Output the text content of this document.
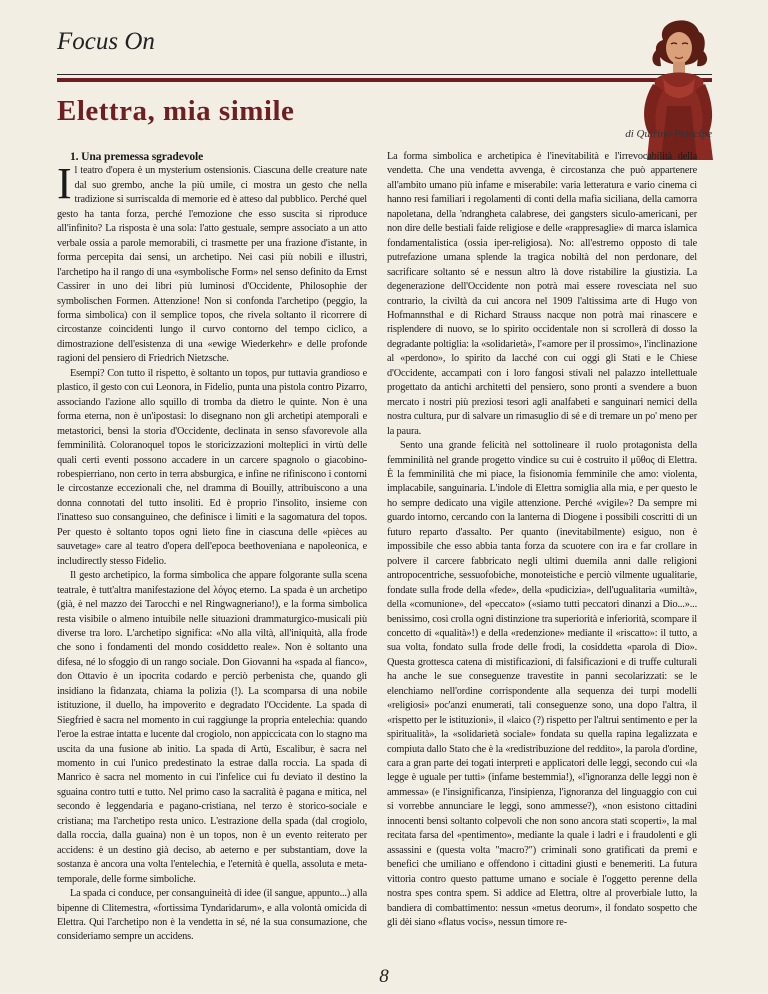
Focus On
Elettra, mia simile
di Quirino Principe

1. Una premessa sgradevole

Il teatro d'opera è un mysterium ostensionis. Ciascuna delle creature nate dal suo grembo, anche la più umile, ci mostra un gesto che nella tradizione si surriscalda di memorie ed è atteso dal pubblico. Perché quel gesto ha tanta forza, perché l'emozione che esso suscita si riproduce all'infinito? La risposta è una sola: l'atto gestuale, sempre associato a un atto verbale ossia a parole memorabili, ci trasmette per una frazione d'istante, in forma percepita dai sensi, un archetipo. Nei casi più nobili e illustri, l'archetipo ha il rango di una «symbolische Form» nel senso definito da Ernst Cassirer in uno dei libri più luminosi d'Occidente, Philosophie der symbolischen Formen. Attenzione! Non si confonda l'archetipo (peggio, la forma simbolica) con il semplice topos, che rivela soltanto il ricorrere di circostanze coincidenti lungo il curvo contorno del tempo ciclico, a dimostrazione dell'esistenza di una «ewige Wiederkehr» e delle profonde ragioni del pensiero di Friedrich Nietzsche.

Esempi? Con tutto il rispetto, è soltanto un topos, pur tuttavia grandioso e plastico, il gesto con cui Leonora, in Fidelio, punta una pistola contro Pizarro, associando l'azione allo squillo di tromba da dietro le quinte. Non è una forma eterna, non è un'ipostasi: lo disegnano non gli archetipi atemporali e metastorici, bensì la storia d'Occidente, declinata in senso sfavorevole alla femminilità. Coloranoquel topos le storicizzazioni molteplici in virtù delle quali certi eventi possono accadere in un carcere spagnolo o giacobino-robespierriano, non certo in terra absburgica, e infine ne rifiniscono i contorni le circostanze eccezionali che, nel dramma di Bouilly, attribuiscono a una donna connotati del tutto insoliti. Ed è proprio l'insolito, insieme con l'inatteso suo consanguineo, che definisce i limiti e la sagomatura del topos. Per questo è soltanto topos ogni lieto fine in ciascuna delle «pièces au sauvetage» care al teatro d'opera dell'epoca beethoveniana e napoleonica, e includirectly stesso Fidelio.

Il gesto archetipico, la forma simbolica che appare folgorante sulla scena teatrale, è tutt'altra manifestazione del λόγος eterno. La spada è un archetipo (già, è nel mazzo dei Tarocchi e nel Ringwagneriano!), e la forma simbolica resta visibile o almeno intuibile nelle situazioni drammaturgico-musicali più diverse tra loro. L'archetipo significa: «No alla viltà, all'iniquità, alla frode che sono i fondamenti del mondo cosiddetto reale». Non è soltanto una difesa, né lo sfoggio di un rango sociale. Don Giovanni ha «spada al fianco», don Ottavio è un ipocrita codardo e perciò perbenista che, quando gli insidiano la fidanzata, chiama la polizia (!). La scomparsa di una nobile istituzione, il duello, ha impoverito e degradato l'Occidente. La spada di Siegfried è sacra nel momento in cui raggiunge la propria entelechia: quando l'eroe la estrae intatta e lucente dal crogiolo, non appiccicata con lo stagno ma uscita da una fusione ab initio. La spada di Artù, Escalibur, è sacra nel momento in cui l'unico predestinato la estrae dalla roccia. La spada di Manrico è sacra nel momento in cui l'infelice cui fu deviato il destino la sguaina contro tutti e tutto. Nel primo caso la sacralità è pagana e mitica, nel secondo è leggendaria e pagano-cristiana, nel terzo è storico-sociale e cristiana; ma l'archetipo resta unico. L'estrazione della spada (dal crogiolo, dalla roccia, dalla guaina) non è un topos, non è un evento reiterato per accidens: è un destino già deciso, ab aeterno e per substantiam, dove la sostanza è ancora una volta l'entelechia, e l'eternità è quella, assoluta e meta-temporale, delle forme simboliche.

La spada ci conduce, per consanguineità di idee (il sangue, appunto...) alla bipenne di Clitemestra, «fortissima Tyndaridarum», e alla volontà omicida di Elettra. Qui l'archetipo non è la vendetta in sé, né la sua consumazione, che consideriamo sempre un accidens.

La forma simbolica e archetipica è l'inevitabilità e l'irrevocabilità della vendetta. Che una vendetta avvenga, è circostanza che può appartenere all'ambito umano più infame e miserabile: varia letteratura e vario cinema ci hanno resi familiari i regolamenti di conti della mafia siciliana, della camorra napoletana, della 'ndrangheta calabrese, dei gangsters siculo-americani, per non dire delle bestiali faide religiose e delle «rappresaglie» di marca islamica fondamentalistica (ossia iper-religiosa). No: all'estremo opposto di tale putrefazione umana splende la tragica nobiltà del non perdonare, del sacrificare soltanto sé e nessun altro là dove ristabilire la giustizia. La degenerazione dell'Occidente non potrà mai essere rovesciata nel suo contrario, la civiltà da cui ancora nel 1909 l'altissima arte di Hugo von Hofmannsthal e di Richard Strauss nacque non potrà mai rinascere e risplendere di nuovo, se lo spirito occidentale non si scrollerà di dosso la degradante poltiglia: la «solidarietà», l'«amore per il prossimo», l'inclinazione al «perdono», lo spirito da lacché con cui oggi gli Stati e le Chiese d'Occidente, accampati con i loro fangosi stivali nel palazzo intellettuale progettato da antichi architetti del pensiero, sono pronti a svendere a buon mercato i nostri più preziosi tesori agli analfabeti e sanguinari nemici della nostra cultura, pur di salvare un rimasuglio di sé e di tremare un po' meno per la paura.

Sento una grande felicità nel sottolineare il ruolo protagonista della femminilità nel grande progetto vindice su cui è costruito il μῦθος di Elettra. È la femminilità che mi piace, la fisionomia femminile che amo: violenta, implacabile, sanguinaria. L'indole di Elettra somiglia alla mia, e per questo le ho sempre dedicato una vigile attenzione. Perché «vigile»? Da sempre mi guardo intorno, cercando con la lanterna di Diogene i possibili coscritti di un futuro reparto d'assalto. Per quanto (inevitabilmente) esiguo, non è impossibile che esso abbia tanta forza da scuotere con ira e far crollare in polvere il carcere fabbricato negli ultimi duemila anni dalle religioni antropocentriche, sessuofobiche, monoteistiche e perciò vilmente ugualitarie, fondate sulla frode della «fede», della «pudicizia», dell'ugualitaria «umiltà», della «comunione», del «peccato» («siamo tutti peccatori dinanzi a Dio...»... benissimo, così crolla ogni distinzione tra superiorità e inferiorità, scompare il concetto di «qualità»!) e della «redenzione» mediante il «riscatto»: il tutto, a sua volta, fondato sulla frode delle frodi, la cosiddetta «parola di Dio». Questa grottesca catena di mistificazioni, di falsificazioni e di truffe culturali ha anche le sue conseguenze travestite in panni secolarizzati: se le elenchiamo nell'ordine corrispondente alla sequenza dei turpi modelli «religiosi» poc'anzi enumerati, tali conseguenze sono, una dopo l'altra, il «rispetto per le istituzioni», il «laico (?) rispetto per l'altrui sentimento e per la spiritualità», la «solidarietà sociale» fondata su quella rapina legalizzata e compiuta dallo Stato che è la «redistribuzione del reddito», la parola d'ordine, cara a gran parte dei togati interpreti e applicatori delle leggi, secondo cui «la legge è uguale per tutti» (infame bestemmia!), «l'ignoranza delle leggi non è ammessa» (e l'insignificanza, l'insipienza, l'ignoranza del linguaggio con cui si vorrebbe annunciare le leggi, sono ammesse?), «non esistono cittadini innocenti bensì soltanto colpevoli che non sono ancora stati scoperti», la mal recitata farsa del «pentimento», mediante la quale i ladri e i fraudolenti e gli assassini e (questa volta "macro?") criminali sono gratificati da premi e benefici che umiliano e offendono i cittadini giusti e benemeriti. La futura vittoria contro questo pattume umano e sociale è l'oggetto perenne della nostra spes contra spem. Si addice ad Elettra, oltre al proverbiale lutto, la bandiera di combattimento: nessun «metus deorum», il fondato sospetto che gli dèi siano «flatus vocis», nessun timore re-

8
